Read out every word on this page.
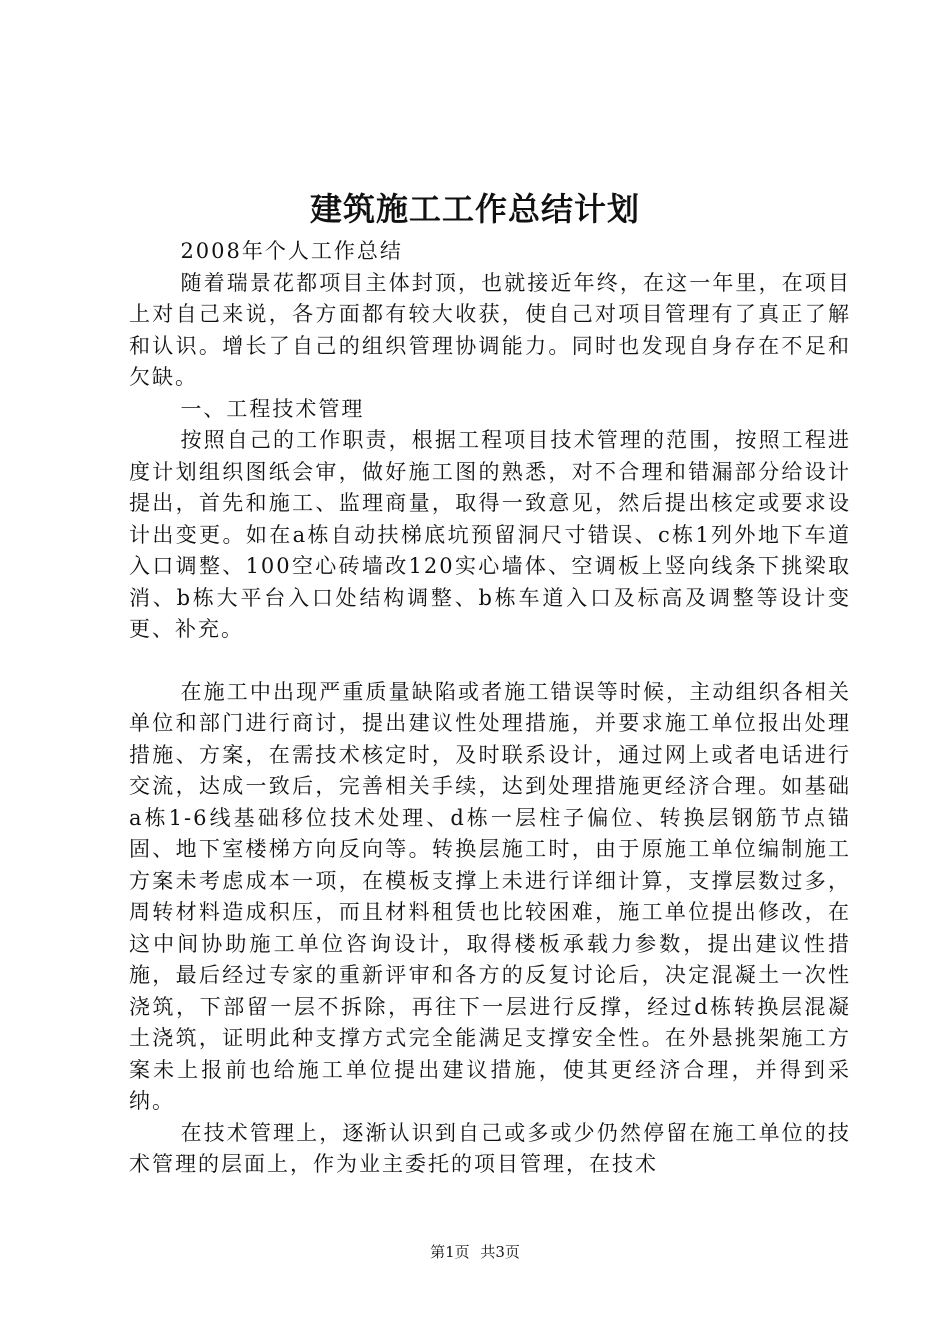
建筑施工工作总结计划

2008年个人工作总结

随着瑞景花都项目主体封顶，也就接近年终，在这一年里，在项目上对自己来说，各方面都有较大收获，使自己对项目管理有了真正了解和认识。增长了自己的组织管理协调能力。同时也发现自身存在不足和欠缺。

一、工程技术管理

按照自己的工作职责，根据工程项目技术管理的范围，按照工程进度计划组织图纸会审，做好施工图的熟悉，对不合理和错漏部分给设计提出，首先和施工、监理商量，取得一致意见，然后提出核定或要求设计出变更。如在a栋自动扶梯底坑预留洞尺寸错误、c栋1列外地下车道入口调整、100空心砖墙改120实心墙体、空调板上竖向线条下挑梁取消、b栋大平台入口处结构调整、b栋车道入口及标高及调整等设计变更、补充。

在施工中出现严重质量缺陷或者施工错误等时候，主动组织各相关单位和部门进行商讨，提出建议性处理措施，并要求施工单位报出处理措施、方案，在需技术核定时，及时联系设计，通过网上或者电话进行交流，达成一致后，完善相关手续，达到处理措施更经济合理。如基础a栋1-6线基础移位技术处理、d栋一层柱子偏位、转换层钢筋节点锚固、地下室楼梯方向反向等。转换层施工时，由于原施工单位编制施工方案未考虑成本一项，在模板支撑上未进行详细计算，支撑层数过多，周转材料造成积压，而且材料租赁也比较困难，施工单位提出修改，在这中间协助施工单位咨询设计，取得楼板承载力参数，提出建议性措施，最后经过专家的重新评审和各方的反复讨论后，决定混凝土一次性浇筑，下部留一层不拆除，再往下一层进行反撑，经过d栋转换层混凝土浇筑，证明此种支撑方式完全能满足支撑安全性。在外悬挑架施工方案未上报前也给施工单位提出建议措施，使其更经济合理，并得到采纳。

在技术管理上，逐渐认识到自己或多或少仍然停留在施工单位的技术管理的层面上，作为业主委托的项目管理，在技术

第1页 共3页
